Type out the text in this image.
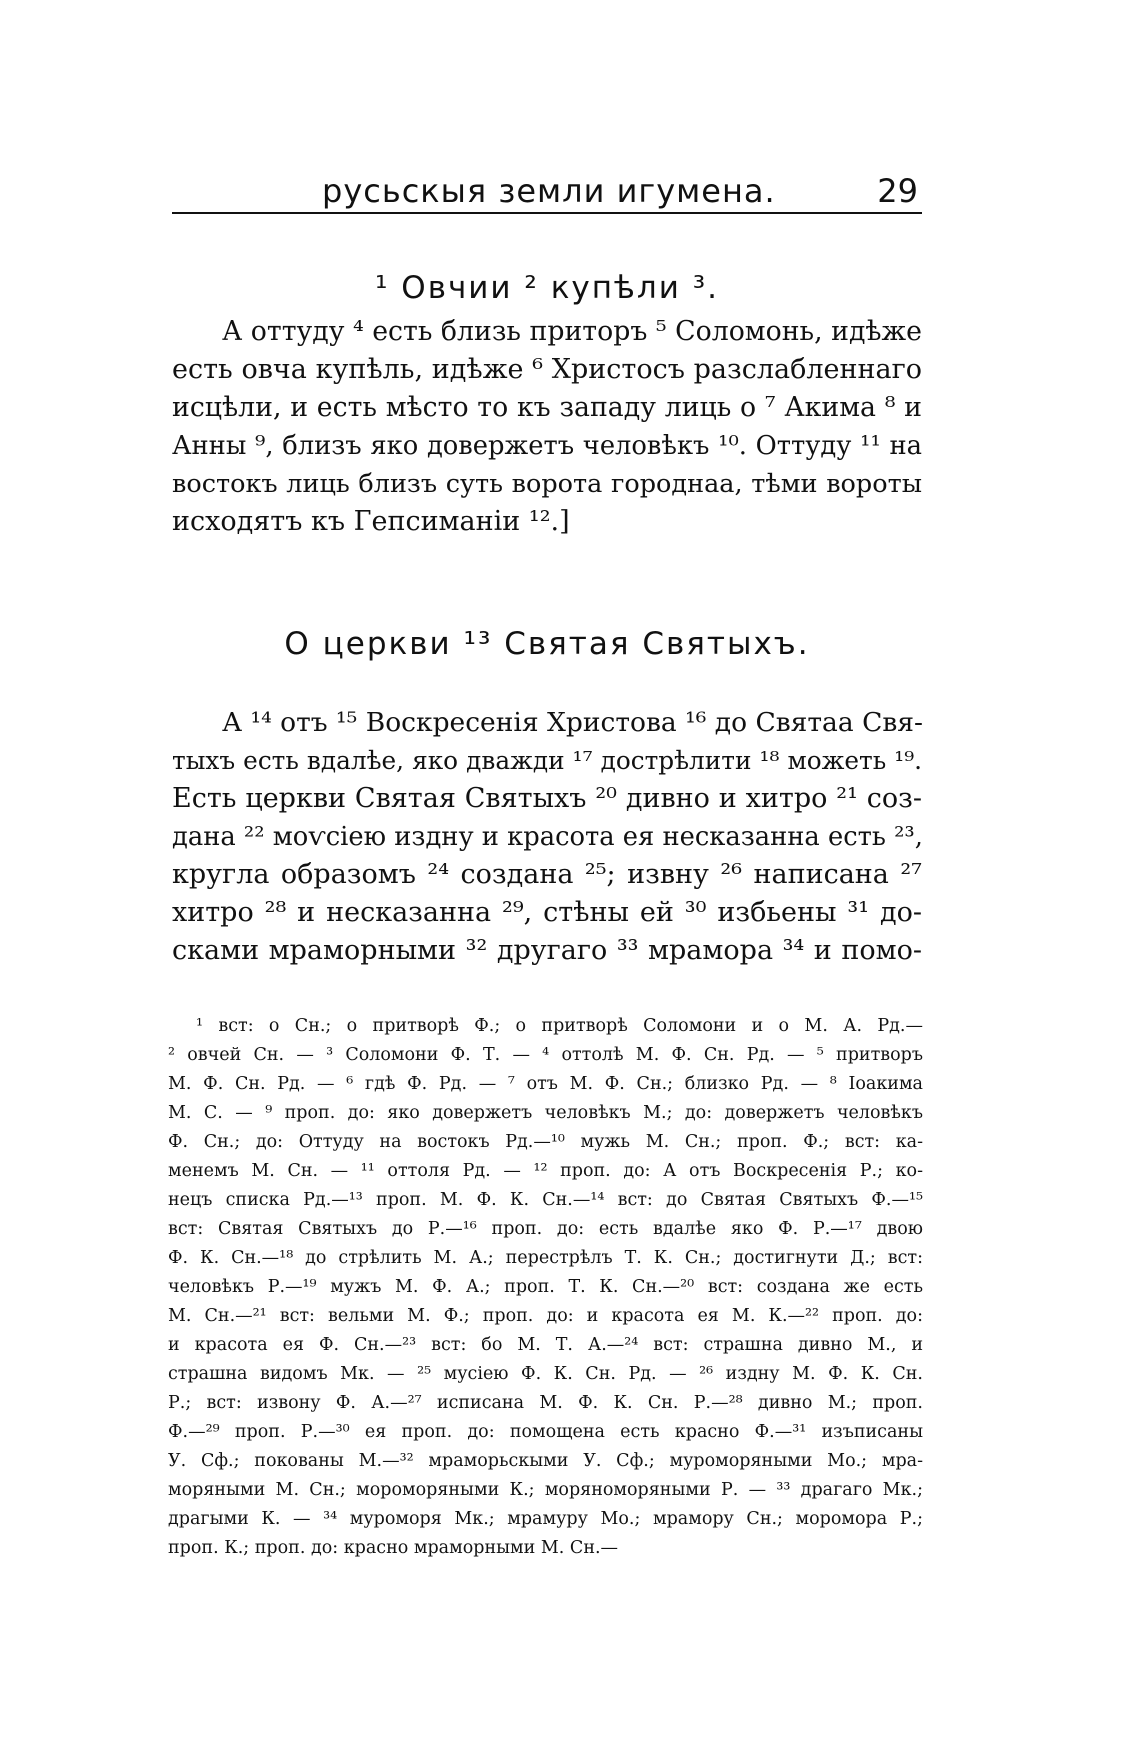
русьскыя земли игумена.	29
¹ Овчии ² купѣли ³.
А оттуду ⁴ есть близь приторъ ⁵ Соломонь, идѣже
есть овча купѣль, идѣже ⁶ Христосъ разслабленнаго
исцѣли, и есть мѣсто то къ западу лиць о ⁷ Акима ⁸ и
Анны ⁹, близъ яко довержетъ человѣкъ ¹⁰. Оттуду ¹¹ на
востокъ лиць близъ суть ворота городнаа, тѣми вороты
исходятъ къ Гепсиманіи ¹².]
О церкви ¹³ Святая Святыхъ.
А ¹⁴ отъ ¹⁵ Воскресенія Христова ¹⁶ до Святаа Свя-
тыхъ есть вдалѣе, яко дважди ¹⁷ дострѣлити ¹⁸ можеть ¹⁹.
Есть церкви Святая Святыхъ ²⁰ дивно и хитро ²¹ соз-
дана ²² моѵсіею издну и красота ея несказанна есть ²³,
кругла образомъ ²⁴ создана ²⁵; извну ²⁶ написана ²⁷
хитро ²⁸ и несказанна ²⁹, стѣны ей ³⁰ избьены ³¹ до-
сками мраморными ³² другаго ³³ мрамора ³⁴ и помо-
¹ вст: о Сн.; о притворѣ Ф.; о притворѣ Соломони и о М. А. Рд.—
² овчей Сн. — ³ Соломони Ф. Т. — ⁴ оттолѣ М. Ф. Сн. Рд. — ⁵ притворъ
М. Ф. Сн. Рд. — ⁶ гдѣ Ф. Рд. — ⁷ отъ М. Ф. Сн.; близко Рд. — ⁸ Іоакима
М. С. — ⁹ проп. до: яко довержетъ человѣкъ М.; до: довержетъ человѣкъ
Ф. Сн.; до: Оттуду на востокъ Рд.—¹⁰ мужь М. Сн.; проп. Ф.; вст: ка-
менемъ М. Сн. — ¹¹ оттоля Рд. — ¹² проп. до: А отъ Воскресенія Р.; ко-
нецъ списка Рд.—¹³ проп. М. Ф. К. Сн.—¹⁴ вст: до Святая Святыхъ Ф.—¹⁵
вст: Святая Святыхъ до Р.—¹⁶ проп. до: есть вдалѣе яко Ф. Р.—¹⁷ двою
Ф. К. Сн.—¹⁸ до стрѣлить М. А.; перестрѣлъ Т. К. Сн.; достигнути Д.; вст:
человѣкъ Р.—¹⁹ мужъ М. Ф. А.; проп. Т. К. Сн.—²⁰ вст: создана же есть
М. Сн.—²¹ вст: вельми М. Ф.; проп. до: и красота ея М. К.—²² проп. до:
и красота ея Ф. Сн.—²³ вст: бо М. Т. А.—²⁴ вст: страшна дивно М., и
страшна видомъ Мк. — ²⁵ мусіею Ф. К. Сн. Рд. — ²⁶ издну М. Ф. К. Сн.
Р.; вст: извону Ф. А.—²⁷ исписана М. Ф. К. Сн. Р.—²⁸ дивно М.; проп.
Ф.—²⁹ проп. Р.—³⁰ ея проп. до: помощена есть красно Ф.—³¹ изъписаны
У. Сф.; покованы М.—³² мраморьскыми У. Сф.; муроморяными Мо.; мра-
моряными М. Сн.; мороморяными К.; моряноморяными Р. — ³³ драгаго Мк.;
драгыми К. — ³⁴ муроморя Мк.; мрамуру Мо.; мрамору Сн.; моромора Р.;
проп. К.; проп. до: красно мраморными М. Сн.—
